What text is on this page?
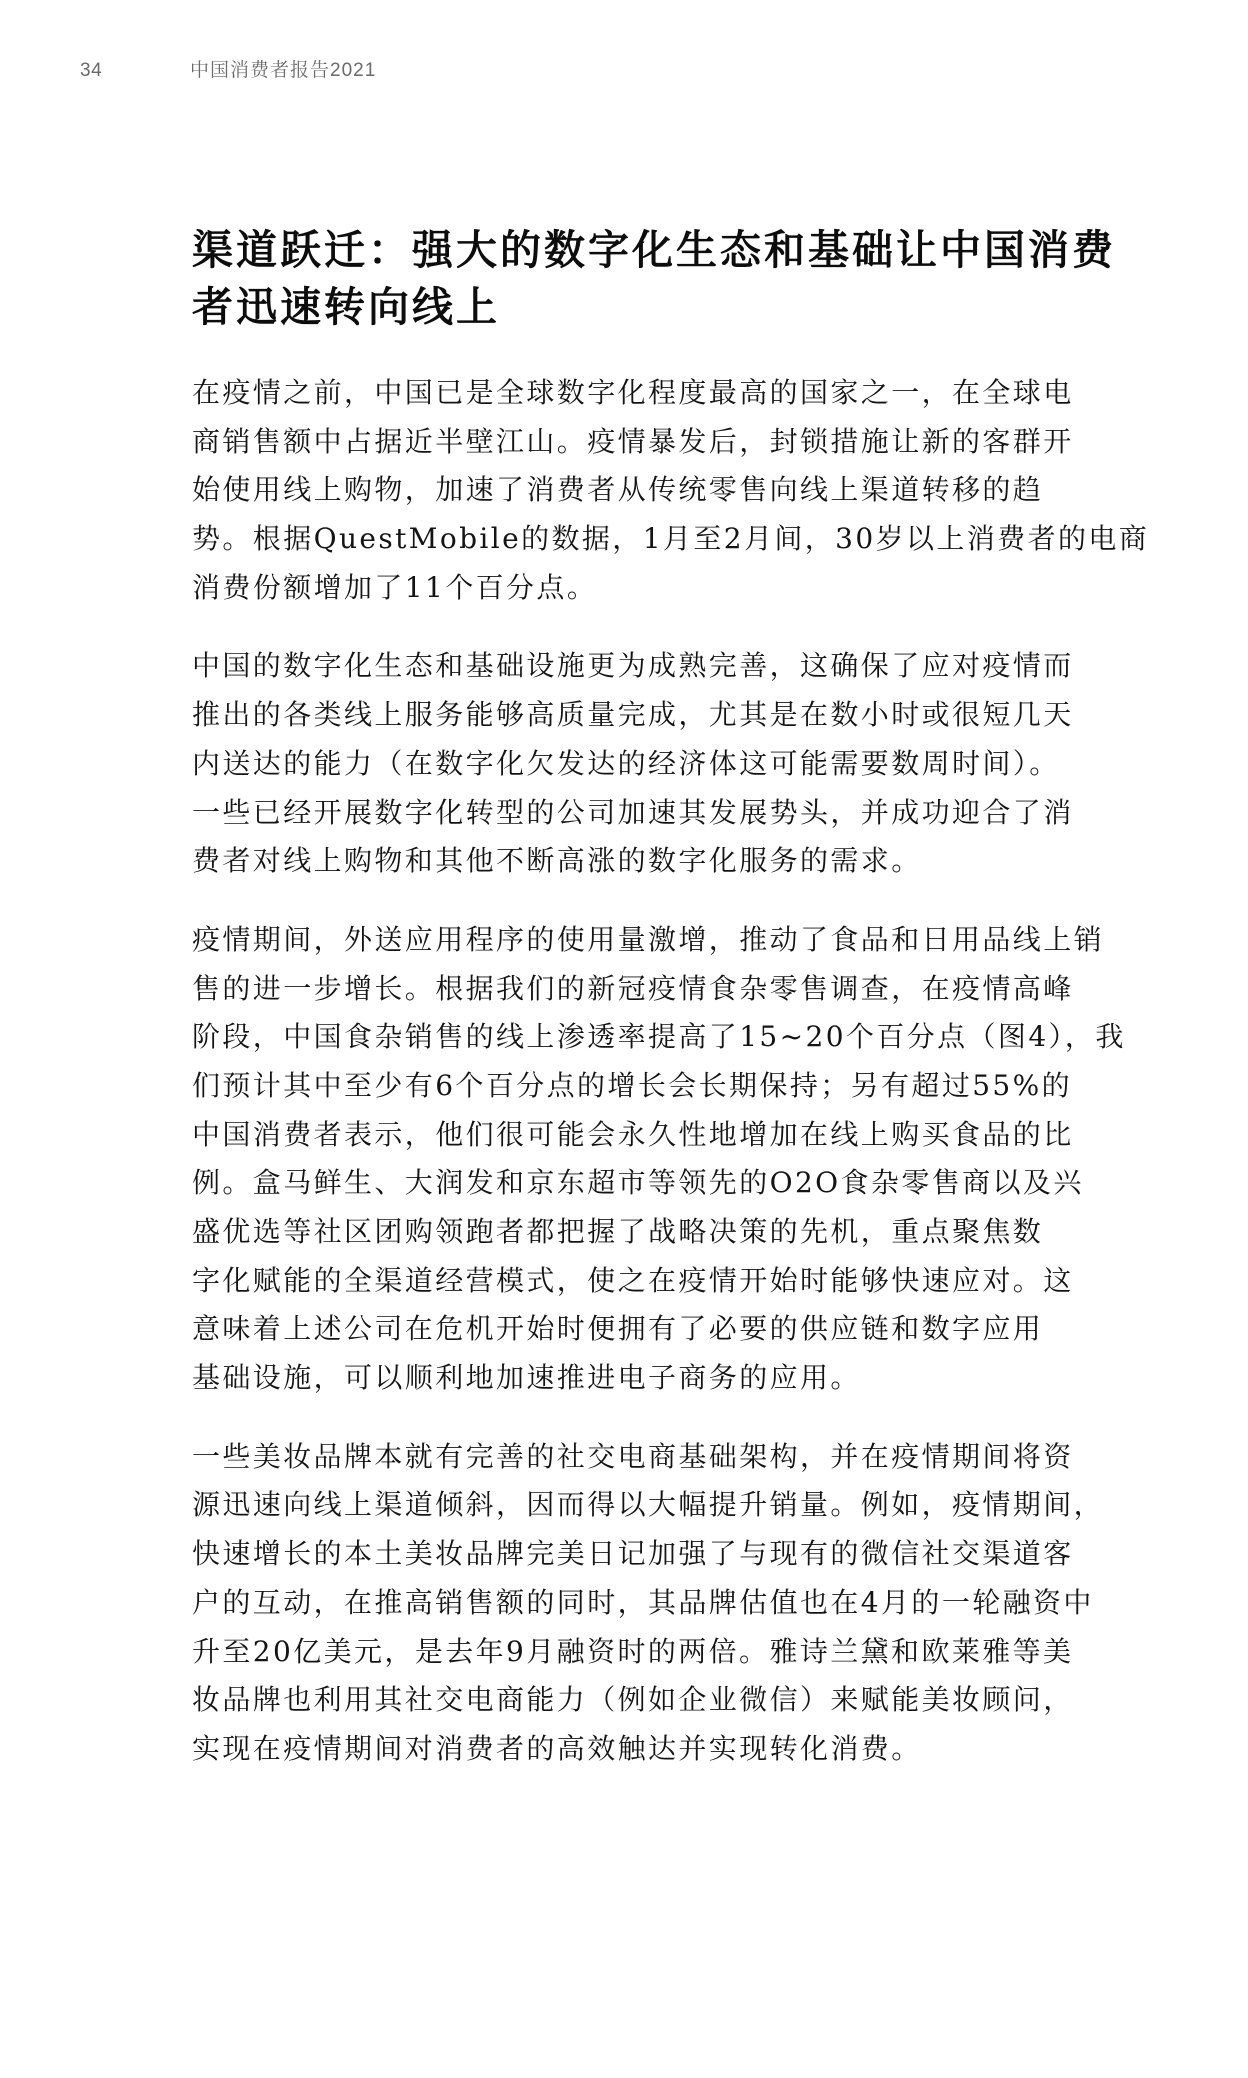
34	中国消费者报告2021
渠道跃迁：强大的数字化生态和基础让中国消费
者迅速转向线上

在疫情之前，中国已是全球数字化程度最高的国家之一，在全球电
商销售额中占据近半壁江山。疫情暴发后，封锁措施让新的客群开
始使用线上购物，加速了消费者从传统零售向线上渠道转移的趋
势。根据QuestMobile的数据，1月至2月间，30岁以上消费者的电商
消费份额增加了11个百分点。

中国的数字化生态和基础设施更为成熟完善，这确保了应对疫情而
推出的各类线上服务能够高质量完成，尤其是在数小时或很短几天
内送达的能力（在数字化欠发达的经济体这可能需要数周时间）。
一些已经开展数字化转型的公司加速其发展势头，并成功迎合了消
费者对线上购物和其他不断高涨的数字化服务的需求。

疫情期间，外送应用程序的使用量激增，推动了食品和日用品线上销
售的进一步增长。根据我们的新冠疫情食杂零售调查，在疫情高峰
阶段，中国食杂销售的线上渗透率提高了15~20个百分点（图4），我
们预计其中至少有6个百分点的增长会长期保持；另有超过55%的
中国消费者表示，他们很可能会永久性地增加在线上购买食品的比
例。盒马鲜生、大润发和京东超市等领先的O2O食杂零售商以及兴
盛优选等社区团购领跑者都把握了战略决策的先机，重点聚焦数
字化赋能的全渠道经营模式，使之在疫情开始时能够快速应对。这
意味着上述公司在危机开始时便拥有了必要的供应链和数字应用
基础设施，可以顺利地加速推进电子商务的应用。

一些美妆品牌本就有完善的社交电商基础架构，并在疫情期间将资
源迅速向线上渠道倾斜，因而得以大幅提升销量。例如，疫情期间，
快速增长的本土美妆品牌完美日记加强了与现有的微信社交渠道客
户的互动，在推高销售额的同时，其品牌估值也在4月的一轮融资中
升至20亿美元，是去年9月融资时的两倍。雅诗兰黛和欧莱雅等美
妆品牌也利用其社交电商能力（例如企业微信）来赋能美妆顾问，
实现在疫情期间对消费者的高效触达并实现转化消费。
